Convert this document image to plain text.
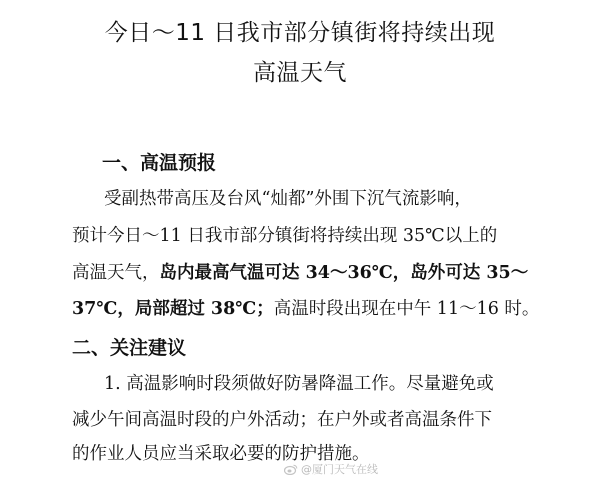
今日～11 日我市部分镇街将持续出现
高温天气
一、高温预报

受副热带高压及台风“灿都”外围下沉气流影响，

预计今日～11 日我市部分镇街将持续出现 35℃以上的

高温天气，岛内最高气温可达 34～36℃，岛外可达 35～

37℃，局部超过 38℃；高温时段出现在中午 11～16 时。

二、关注建议

1. 高温影响时段须做好防暑降温工作。尽量避免或

减少午间高温时段的户外活动；在户外或者高温条件下

的作业人员应当采取必要的防护措施。

@厦门天气在线
